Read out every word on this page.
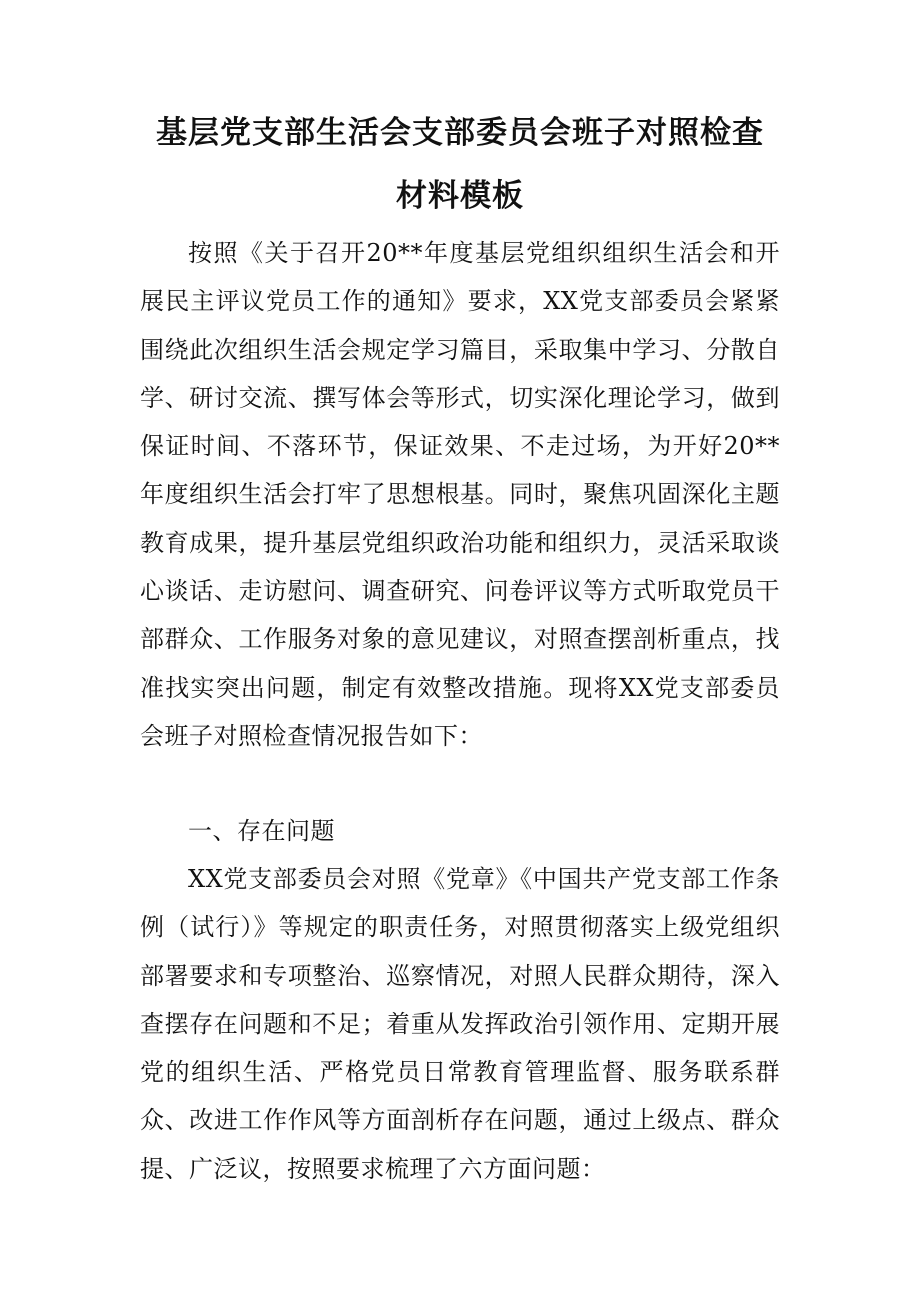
基层党支部生活会支部委员会班子对照检查
材料模板
按照《关于召开20**年度基层党组织组织生活会和开展民主评议党员工作的通知》要求，XX党支部委员会紧紧围绕此次组织生活会规定学习篇目，采取集中学习、分散自学、研讨交流、撰写体会等形式，切实深化理论学习，做到保证时间、不落环节，保证效果、不走过场，为开好20**年度组织生活会打牢了思想根基。同时，聚焦巩固深化主题教育成果，提升基层党组织政治功能和组织力，灵活采取谈心谈话、走访慰问、调查研究、问卷评议等方式听取党员干部群众、工作服务对象的意见建议，对照查摆剖析重点，找准找实突出问题，制定有效整改措施。现将XX党支部委员会班子对照检查情况报告如下：
一、存在问题
XX党支部委员会对照《党章》《中国共产党支部工作条例（试行）》等规定的职责任务，对照贯彻落实上级党组织部署要求和专项整治、巡察情况，对照人民群众期待，深入查摆存在问题和不足；着重从发挥政治引领作用、定期开展党的组织生活、严格党员日常教育管理监督、服务联系群众、改进工作作风等方面剖析存在问题，通过上级点、群众提、广泛议，按照要求梳理了六方面问题：
